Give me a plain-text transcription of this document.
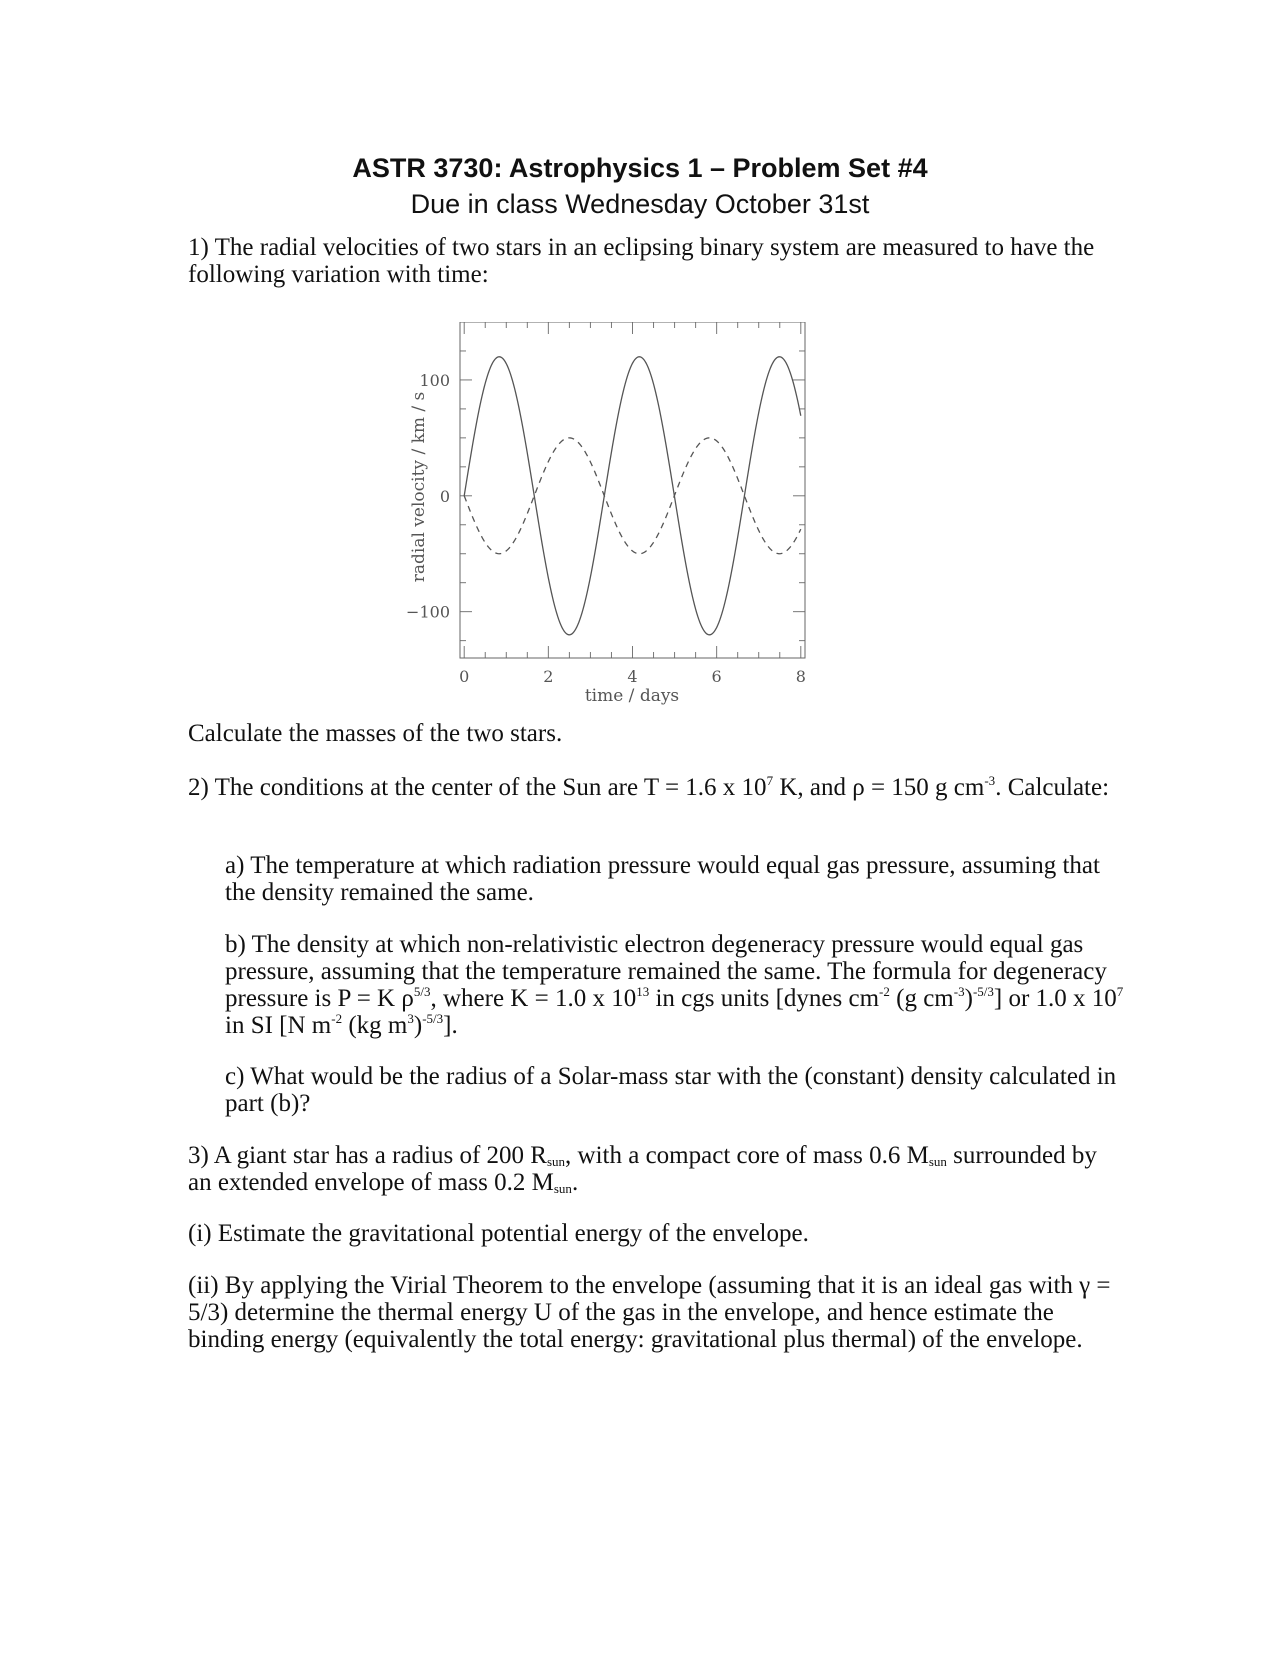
ASTR 3730: Astrophysics 1 – Problem Set #4
Due in class Wednesday October 31st

1) The radial velocities of two stars in an eclipsing binary system are measured to have the following variation with time:

0	2	4	6	8
100
0
−100
time / days
radial velocity / km / s

Calculate the masses of the two stars.

2) The conditions at the center of the Sun are T = 1.6 x $10^7$ K, and ρ = 150 g $cm^{-3}$. Calculate:

a) The temperature at which radiation pressure would equal gas pressure, assuming that the density remained the same.

b) The density at which non-relativistic electron degeneracy pressure would equal gas pressure, assuming that the temperature remained the same. The formula for degeneracy pressure is P = K $\rho^{5/3}$, where K = 1.0 x $10^{13}$ in cgs units [dynes $cm^{-2}$ (g $cm^{-3})^{-5/3}$] or 1.0 x $10^7$ in SI [N $m^{-2}$ (kg $m^3)^{-5/3}$].

c) What would be the radius of a Solar-mass star with the (constant) density calculated in part (b)?

3) A giant star has a radius of 200 $R_{sun}$, with a compact core of mass 0.6 $M_{sun}$ surrounded by an extended envelope of mass 0.2 $M_{sun}$.

(i) Estimate the gravitational potential energy of the envelope.

(ii) By applying the Virial Theorem to the envelope (assuming that it is an ideal gas with γ = 5/3) determine the thermal energy U of the gas in the envelope, and hence estimate the binding energy (equivalently the total energy: gravitational plus thermal) of the envelope.
